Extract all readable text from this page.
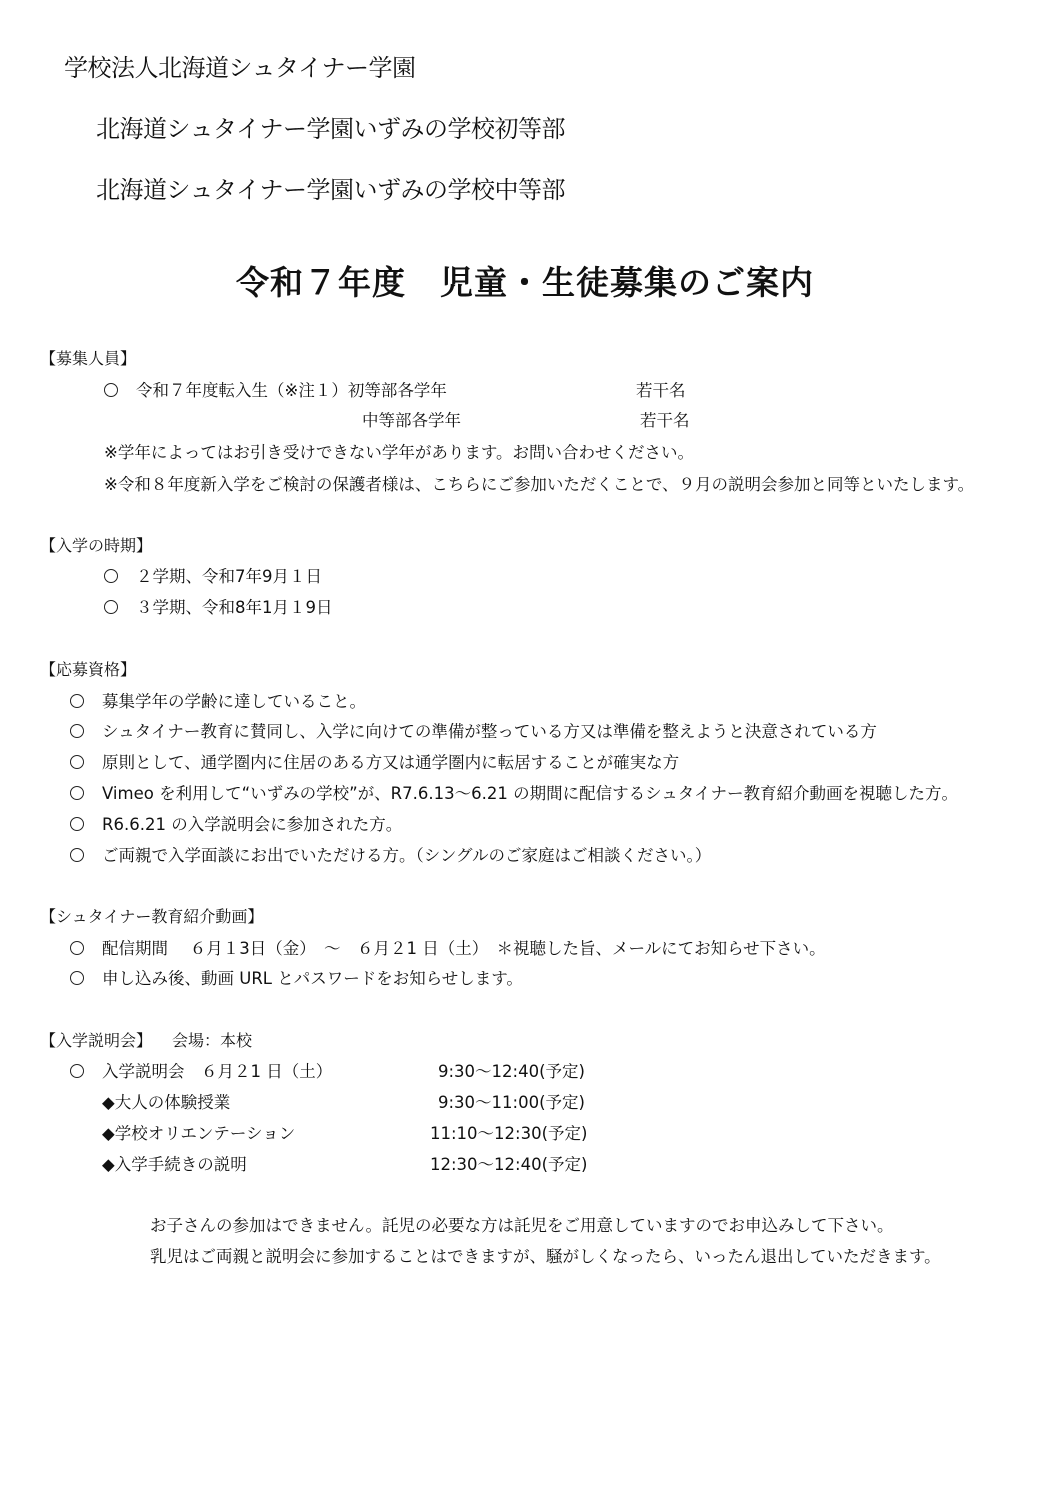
学校法人北海道シュタイナー学園
北海道シュタイナー学園いずみの学校初等部
北海道シュタイナー学園いずみの学校中等部
令和７年度　児童・生徒募集のご案内
【募集人員】
令和７年度転入生（※注１）初等部各学年	若干名
中等部各学年	若干名
※学年によってはお引き受けできない学年があります。お問い合わせください。
※令和８年度新入学をご検討の保護者様は、こちらにご参加いただくことで、９月の説明会参加と同等といたします。
【入学の時期】
２学期、令和7年9月１日
３学期、令和8年1月１9日
【応募資格】
募集学年の学齢に達していること。
シュタイナー教育に賛同し、入学に向けての準備が整っている方又は準備を整えようと決意されている方
原則として、通学圏内に住居のある方又は通学圏内に転居することが確実な方
Vimeo を利用して“いずみの学校”が、R7.6.13～6.21 の期間に配信するシュタイナー教育紹介動画を視聴した方。
R6.6.21 の入学説明会に参加された方。
ご両親で入学面談にお出でいただける方。（シングルのご家庭はご相談ください。）
【シュタイナー教育紹介動画】
配信期間　 ６月１3日（金）　～　６月２1 日（土）　＊視聴した旨、メールにてお知らせ下さい。
申し込み後、動画 URL とパスワードをお知らせします。
【入学説明会】 会場：本校
入学説明会　６月２1 日（土）	9:30～12:40(予定)
◆大人の体験授業	9:30～11:00(予定)
◆学校オリエンテーション	11:10～12:30(予定)
◆入学手続きの説明	12:30～12:40(予定)
お子さんの参加はできません。託児の必要な方は託児をご用意していますのでお申込みして下さい。
乳児はご両親と説明会に参加することはできますが、騒がしくなったら、いったん退出していただきます。
